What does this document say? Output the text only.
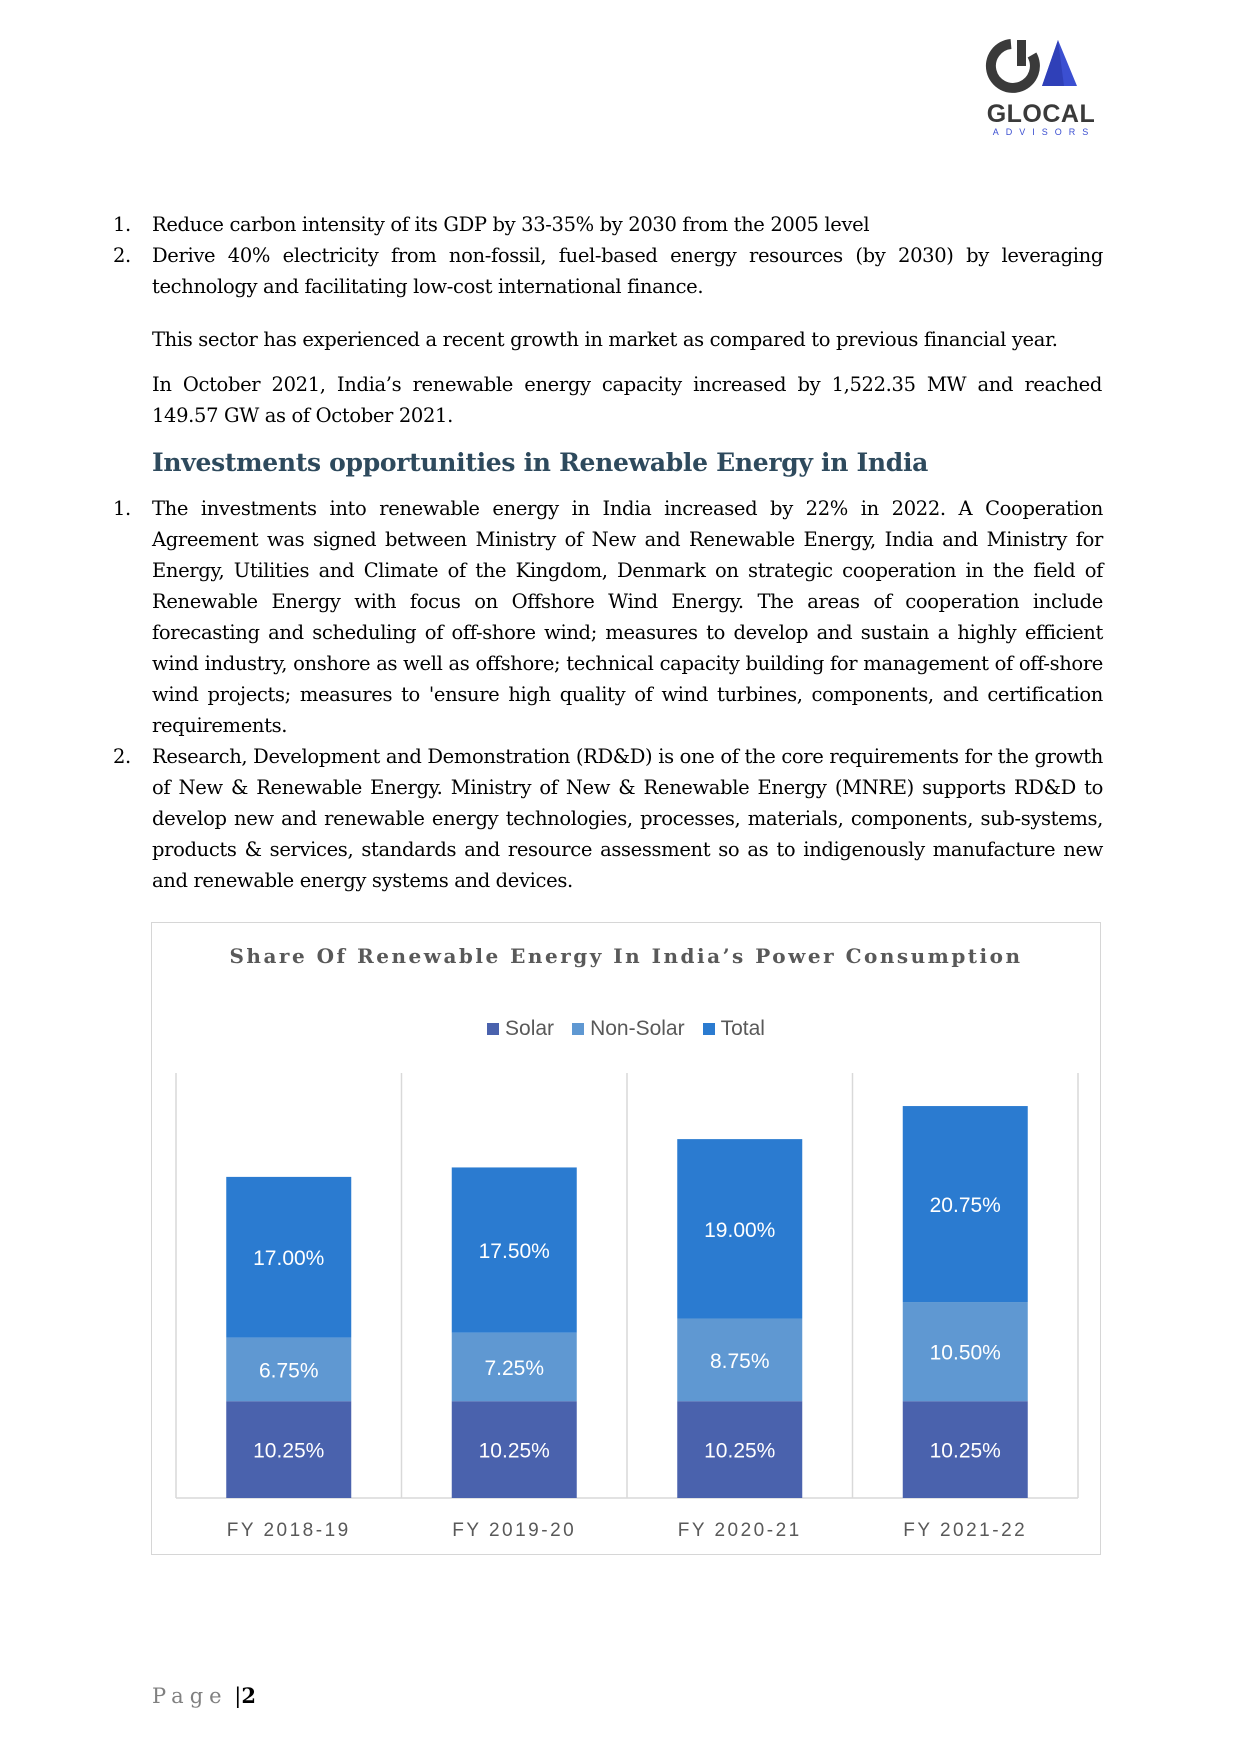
GLOCAL
ADVISORS
1. Reduce carbon intensity of its GDP by 33-35% by 2030 from the 2005 level
2. Derive 40% electricity from non-fossil, fuel-based energy resources (by 2030) by leveraging technology and facilitating low-cost international finance.
This sector has experienced a recent growth in market as compared to previous financial year.
In October 2021, India’s renewable energy capacity increased by 1,522.35 MW and reached 149.57 GW as of October 2021.
Investments opportunities in Renewable Energy in India
1. The investments into renewable energy in India increased by 22% in 2022. A Cooperation Agreement was signed between Ministry of New and Renewable Energy, India and Ministry for Energy, Utilities and Climate of the Kingdom, Denmark on strategic cooperation in the field of Renewable Energy with focus on Offshore Wind Energy. The areas of cooperation include forecasting and scheduling of off-shore wind; measures to develop and sustain a highly efficient wind industry, onshore as well as offshore; technical capacity building for management of off-shore wind projects; measures to 'ensure high quality of wind turbines, components, and certification requirements.
2. Research, Development and Demonstration (RD&D) is one of the core requirements for the growth of New & Renewable Energy. Ministry of New & Renewable Energy (MNRE) supports RD&D to develop new and renewable energy technologies, processes, materials, components, sub-systems, products & services, standards and resource assessment so as to indigenously manufacture new and renewable energy systems and devices.
Share Of Renewable Energy In India’s Power Consumption
Solar Non-Solar Total
10.25%
6.75%
17.00%
FY 2018-19
10.25%
7.25%
17.50%
FY 2019-20
10.25%
8.75%
19.00%
FY 2020-21
10.25%
10.50%
20.75%
FY 2021-22
Page |2
